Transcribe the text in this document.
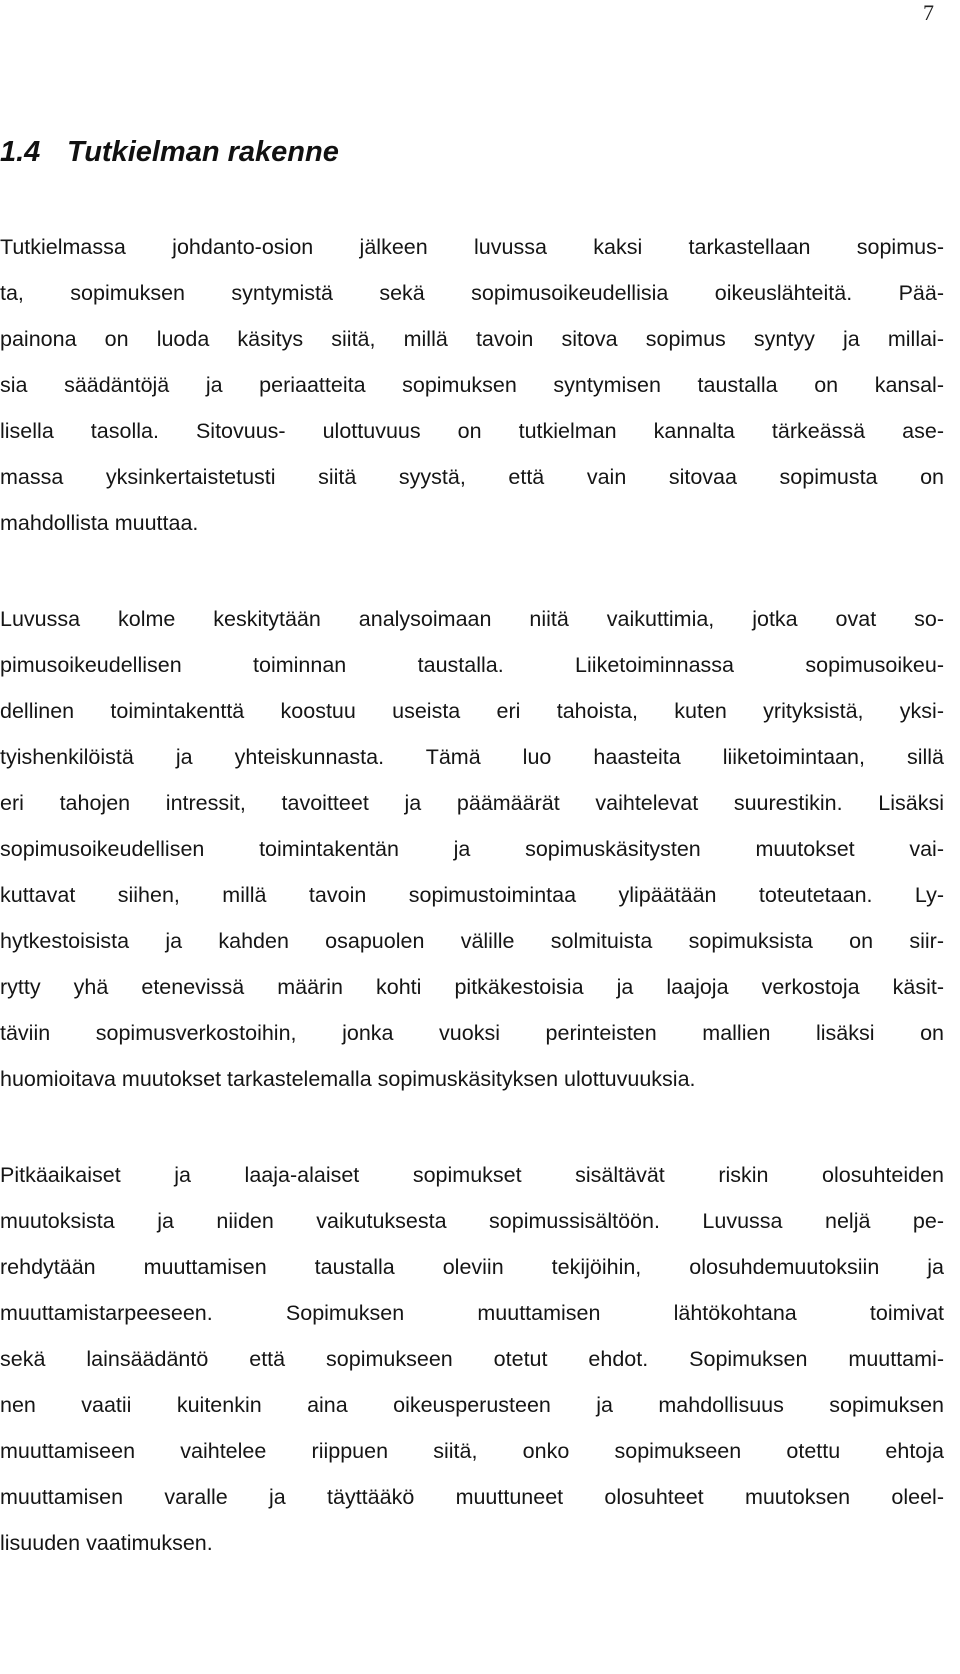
7
1.4 Tutkielman rakenne
Tutkielmassa johdanto-osion jälkeen luvussa kaksi tarkastellaan sopimus-
ta, sopimuksen syntymistä sekä sopimusoikeudellisia oikeuslähteitä. Pää-
painona on luoda käsitys siitä, millä tavoin sitova sopimus syntyy ja millai-
sia säädäntöjä ja periaatteita sopimuksen syntymisen taustalla on kansal-
lisella tasolla. Sitovuus- ulottuvuus on tutkielman kannalta tärkeässä ase-
massa yksinkertaistetusti siitä syystä, että vain sitovaa sopimusta on
mahdollista muuttaa.
Luvussa kolme keskitytään analysoimaan niitä vaikuttimia, jotka ovat so-
pimusoikeudellisen toiminnan taustalla. Liiketoiminnassa sopimusoikeu-
dellinen toimintakenttä koostuu useista eri tahoista, kuten yrityksistä, yksi-
tyishenkilöistä ja yhteiskunnasta. Tämä luo haasteita liiketoimintaan, sillä
eri tahojen intressit, tavoitteet ja päämäärät vaihtelevat suurestikin. Lisäksi
sopimusoikeudellisen toimintakentän ja sopimuskäsitysten muutokset vai-
kuttavat siihen, millä tavoin sopimustoimintaa ylipäätään toteutetaan. Ly-
hytkestoisista ja kahden osapuolen välille solmituista sopimuksista on siir-
rytty yhä etenevissä määrin kohti pitkäkestoisia ja laajoja verkostoja käsit-
täviin sopimusverkostoihin, jonka vuoksi perinteisten mallien lisäksi on
huomioitava muutokset tarkastelemalla sopimuskäsityksen ulottuvuuksia.
Pitkäaikaiset ja laaja-alaiset sopimukset sisältävät riskin olosuhteiden
muutoksista ja niiden vaikutuksesta sopimussisältöön. Luvussa neljä pe-
rehdytään muuttamisen taustalla oleviin tekijöihin, olosuhdemuutoksiin ja
muuttamistarpeeseen. Sopimuksen muuttamisen lähtökohtana toimivat
sekä lainsäädäntö että sopimukseen otetut ehdot. Sopimuksen muuttami-
nen vaatii kuitenkin aina oikeusperusteen ja mahdollisuus sopimuksen
muuttamiseen vaihtelee riippuen siitä, onko sopimukseen otettu ehtoja
muuttamisen varalle ja täyttääkö muuttuneet olosuhteet muutoksen oleel-
lisuuden vaatimuksen.
